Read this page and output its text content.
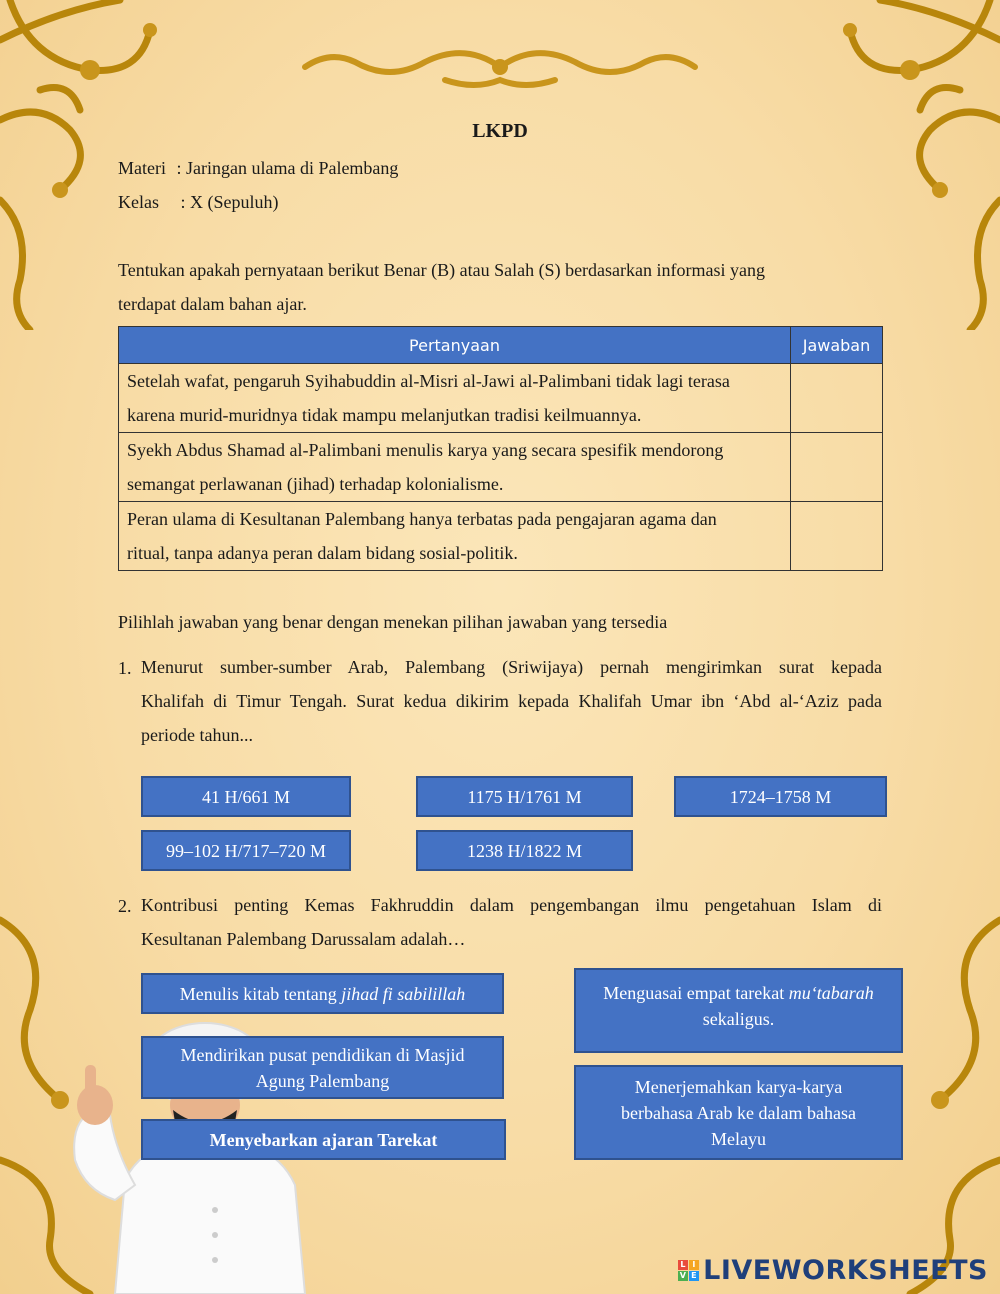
LKPD
Materi : Jaringan ulama di Palembang
Kelas : X (Sepuluh)
Tentukan apakah pernyataan berikut Benar (B) atau Salah (S) berdasarkan informasi yang
terdapat dalam bahan ajar.
Pertanyaan	Jawaban

Setelah wafat, pengaruh Syihabuddin al-Misri al-Jawi al-Palimbani tidak lagi terasa
karena murid-muridnya tidak mampu melanjutkan tradisi keilmuannya.	

Syekh Abdus Shamad al-Palimbani menulis karya yang secara spesifik mendorong
semangat perlawanan (jihad) terhadap kolonialisme.	

Peran ulama di Kesultanan Palembang hanya terbatas pada pengajaran agama dan
ritual, tanpa adanya peran dalam bidang sosial-politik.	

Pilihlah jawaban yang benar dengan menekan pilihan jawaban yang tersedia
1. Menurut sumber-sumber Arab, Palembang (Sriwijaya) pernah mengirimkan surat kepada
Khalifah di Timur Tengah. Surat kedua dikirim kepada Khalifah Umar ibn ‘Abd al-‘Aziz pada
periode tahun...
41 H/661 M	1175 H/1761 M	1724–1758 M
99–102 H/717–720 M	1238 H/1822 M
2. Kontribusi penting Kemas Fakhruddin dalam pengembangan ilmu pengetahuan Islam di
Kesultanan Palembang Darussalam adalah…
Menulis kitab tentang jihad fi sabilillah
Mendirikan pusat pendidikan di Masjid
Agung Palembang
Menyebarkan ajaran Tarekat
Menguasai empat tarekat mu‘tabarah
sekaligus.
Menerjemahkan karya-karya
berbahasa Arab ke dalam bahasa
Melayu
L I
V E LIVEWORKSHEETS
